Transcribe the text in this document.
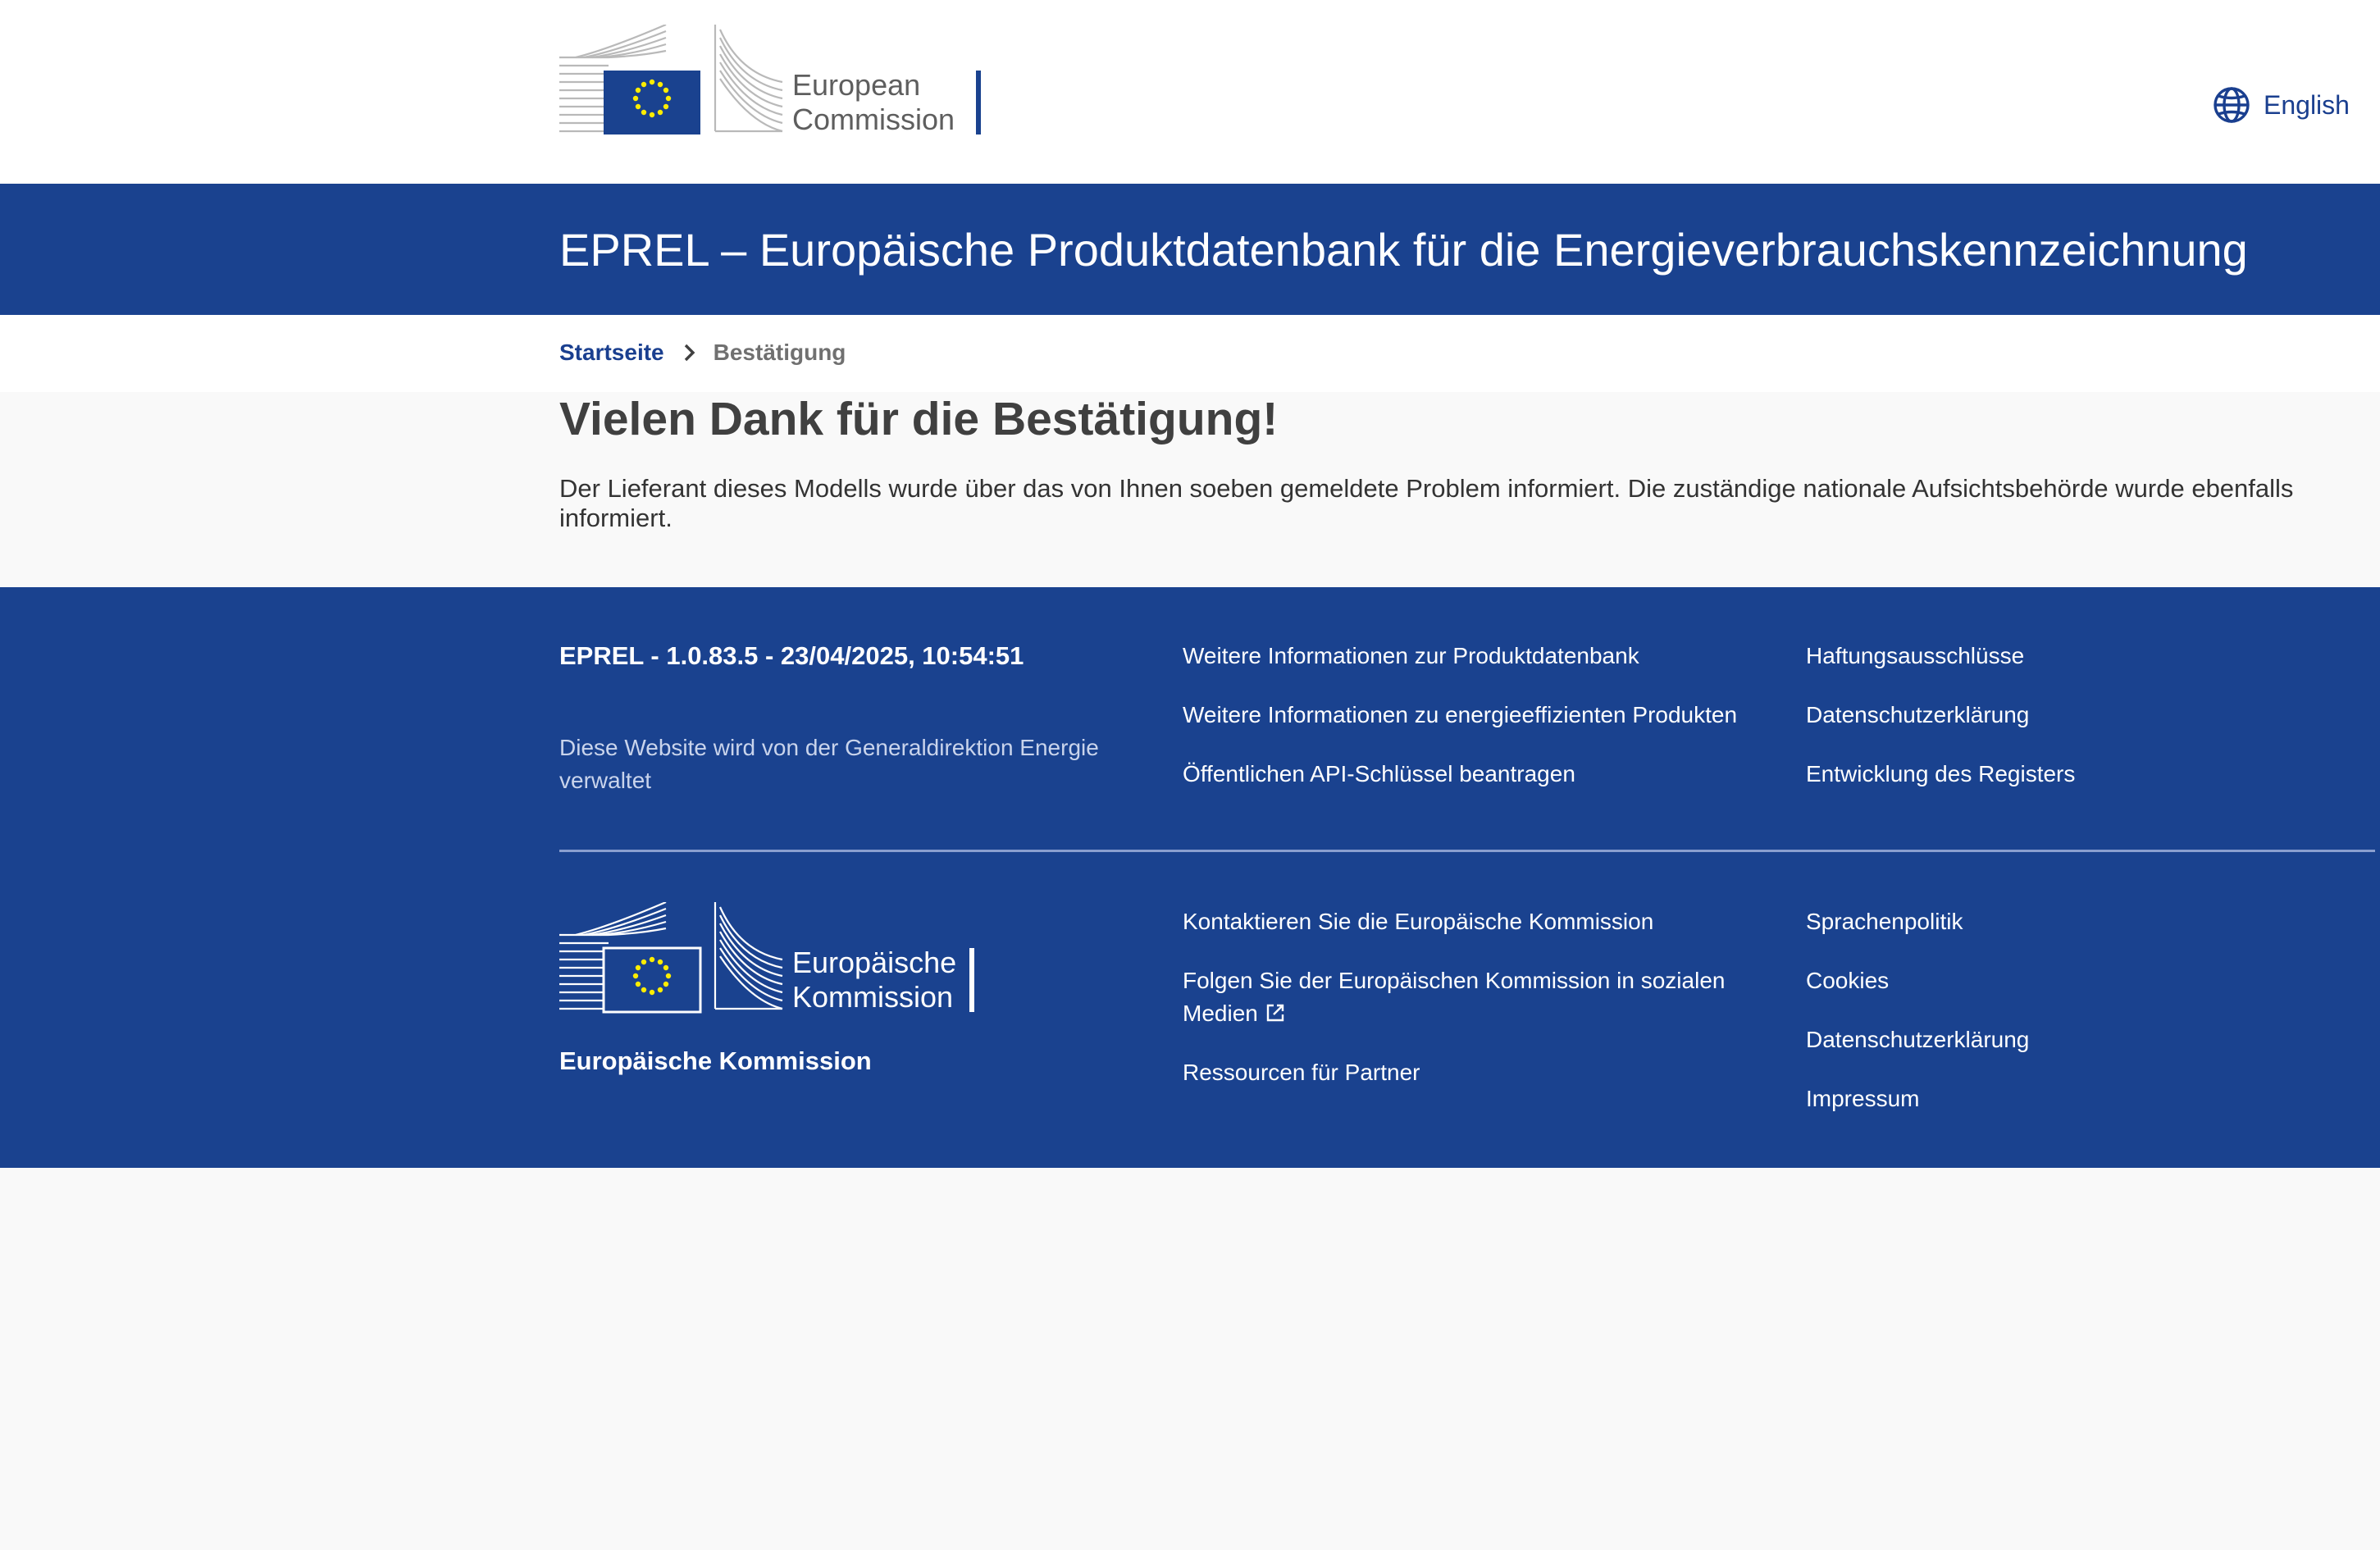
European
Commission	English
EPREL – Europäische Produktdatenbank für die Energieverbrauchskennzeichnung
Startseite Bestätigung
Vielen Dank für die Bestätigung!

Der Lieferant dieses Modells wurde über das von Ihnen soeben gemeldete Problem informiert. Die zuständige nationale Aufsichtsbehörde wurde ebenfalls informiert.

EPREL - 1.0.83.5 - 23/04/2025, 10:54:51
Diese Website wird von der Generaldirektion Energie verwaltet
Weitere Informationen zur Produktdatenbank
Weitere Informationen zu energieeffizienten Produkten
Öffentlichen API-Schlüssel beantragen
Haftungsausschlüsse
Datenschutzerklärung
Entwicklung des Registers
Europäische
Kommission
Europäische Kommission
Kontaktieren Sie die Europäische Kommission
Folgen Sie der Europäischen Kommission in sozialen Medien
Ressourcen für Partner
Sprachenpolitik
Cookies
Datenschutzerklärung
Impressum
